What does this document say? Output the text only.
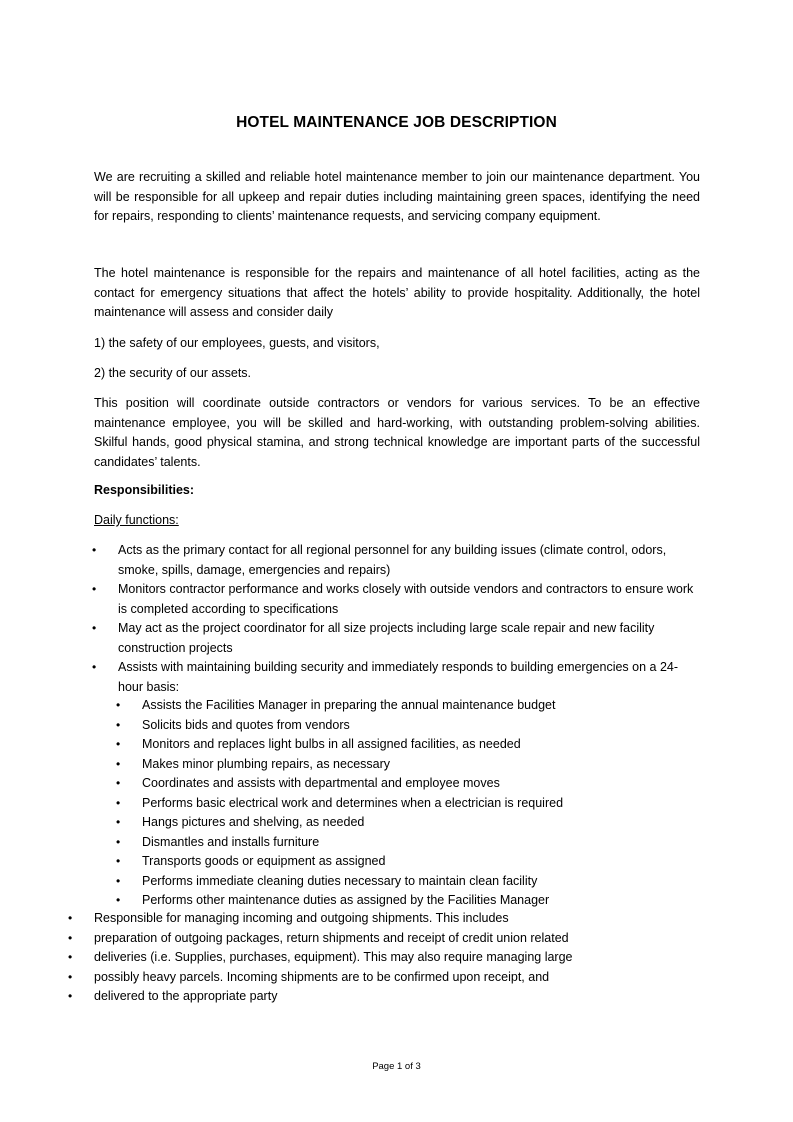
HOTEL MAINTENANCE JOB DESCRIPTION

We are recruiting a skilled and reliable hotel maintenance member to join our maintenance department. You will be responsible for all upkeep and repair duties including maintaining green spaces, identifying the need for repairs, responding to clients’ maintenance requests, and servicing company equipment.

The hotel maintenance is responsible for the repairs and maintenance of all hotel facilities, acting as the contact for emergency situations that affect the hotels’ ability to provide hospitality. Additionally, the hotel maintenance will assess and consider daily

1) the safety of our employees, guests, and visitors,

2) the security of our assets.

This position will coordinate outside contractors or vendors for various services. To be an effective maintenance employee, you will be skilled and hard-working, with outstanding problem-solving abilities. Skilful hands, good physical stamina, and strong technical knowledge are important parts of the successful candidates’ talents.

Responsibilities:

Daily functions:

• Acts as the primary contact for all regional personnel for any building issues (climate control, odors, smoke, spills, damage, emergencies and repairs)
• Monitors contractor performance and works closely with outside vendors and contractors to ensure work is completed according to specifications
• May act as the project coordinator for all size projects including large scale repair and new facility construction projects
• Assists with maintaining building security and immediately responds to building emergencies on a 24-hour basis:
• Assists the Facilities Manager in preparing the annual maintenance budget
• Solicits bids and quotes from vendors
• Monitors and replaces light bulbs in all assigned facilities, as needed
• Makes minor plumbing repairs, as necessary
• Coordinates and assists with departmental and employee moves
• Performs basic electrical work and determines when a electrician is required
• Hangs pictures and shelving, as needed
• Dismantles and installs furniture
• Transports goods or equipment as assigned
• Performs immediate cleaning duties necessary to maintain clean facility
• Performs other maintenance duties as assigned by the Facilities Manager
• Responsible for managing incoming and outgoing shipments. This includes
• preparation of outgoing packages, return shipments and receipt of credit union related
• deliveries (i.e. Supplies, purchases, equipment). This may also require managing large
• possibly heavy parcels. Incoming shipments are to be confirmed upon receipt, and
• delivered to the appropriate party
Page 1 of 3
